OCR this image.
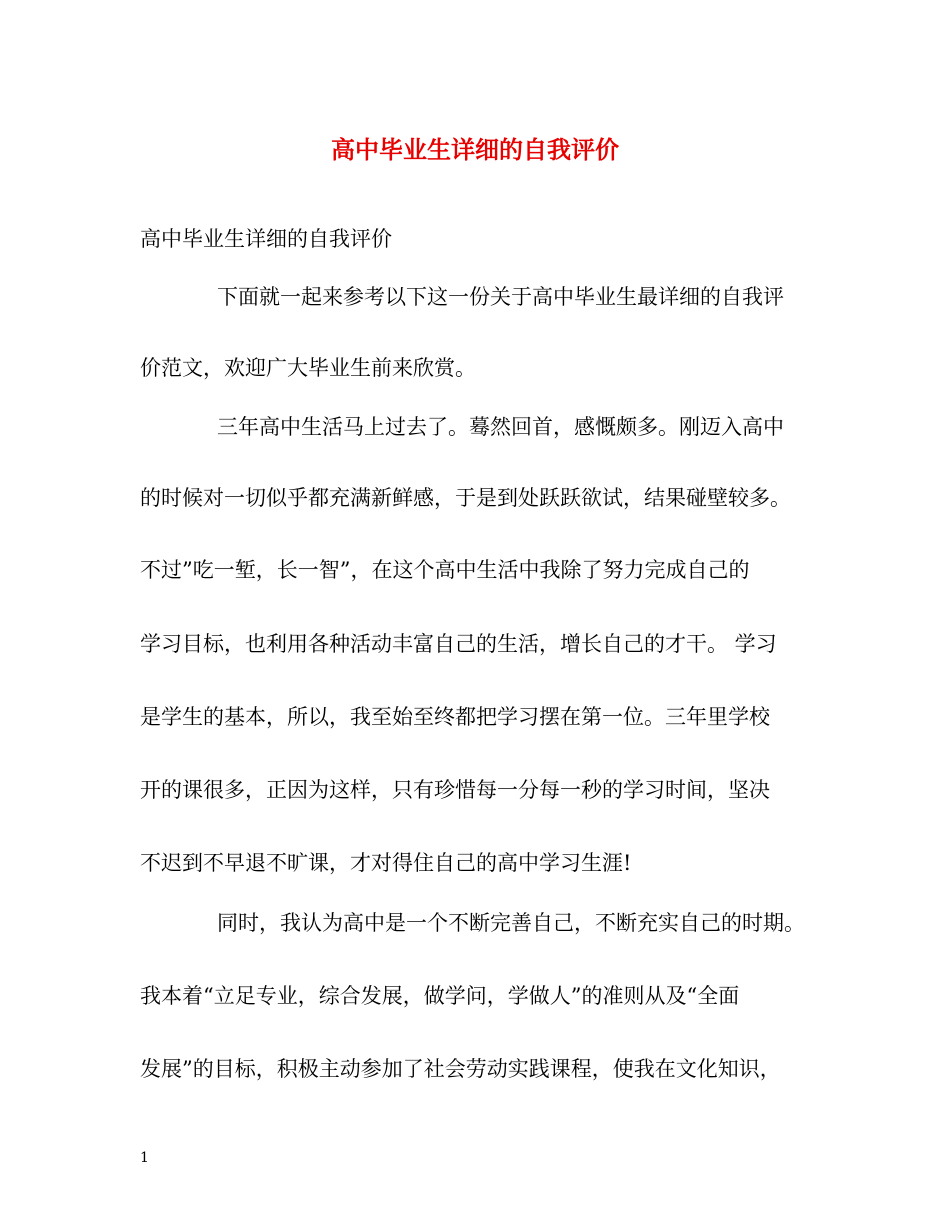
高中毕业生详细的自我评价
高中毕业生详细的自我评价
下面就一起来参考以下这一份关于高中毕业生最详细的自我评
价范文，欢迎广大毕业生前来欣赏。
三年高中生活马上过去了。蓦然回首，感慨颇多。刚迈入高中
的时候对一切似乎都充满新鲜感，于是到处跃跃欲试，结果碰壁较多。
不过”吃一堑，长一智”，在这个高中生活中我除了努力完成自己的
学习目标，也利用各种活动丰富自己的生活，增长自己的才干。 学习
是学生的基本，所以，我至始至终都把学习摆在第一位。三年里学校
开的课很多，正因为这样，只有珍惜每一分每一秒的学习时间，坚决
不迟到不早退不旷课，才对得住自己的高中学习生涯!
同时，我认为高中是一个不断完善自己，不断充实自己的时期。
我本着“立足专业，综合发展，做学问，学做人”的准则从及“全面
发展”的目标，积极主动参加了社会劳动实践课程，使我在文化知识，
1
